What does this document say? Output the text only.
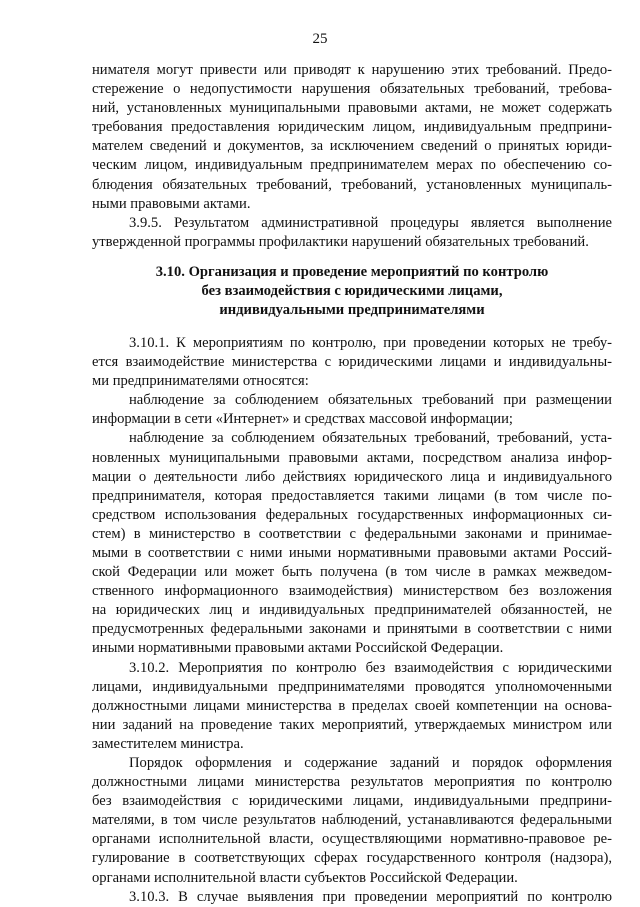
25
нимателя могут привести или приводят к нарушению этих требований. Предо-
стережение о недопустимости нарушения обязательных требований, требова-
ний, установленных муниципальными правовыми актами, не может содержать
требования предоставления юридическим лицом, индивидуальным предприни-
мателем сведений и документов, за исключением сведений о принятых юриди-
ческим лицом, индивидуальным предпринимателем мерах по обеспечению со-
блюдения обязательных требований, требований, установленных муниципаль-
ными правовыми актами.
3.9.5. Результатом административной процедуры является выполнение
утвержденной программы профилактики нарушений обязательных требований.
3.10. Организация и проведение мероприятий по контролю
без взаимодействия с юридическими лицами,
индивидуальными предпринимателями
3.10.1. К мероприятиям по контролю, при проведении которых не требу-
ется взаимодействие министерства с юридическими лицами и индивидуальны-
ми предпринимателями относятся:
наблюдение за соблюдением обязательных требований при размещении
информации в сети «Интернет» и средствах массовой информации;
наблюдение за соблюдением обязательных требований, требований, уста-
новленных муниципальными правовыми актами, посредством анализа инфор-
мации о деятельности либо действиях юридического лица и индивидуального
предпринимателя, которая предоставляется такими лицами (в том числе по-
средством использования федеральных государственных информационных си-
стем) в министерство в соответствии с федеральными законами и принимае-
мыми в соответствии с ними иными нормативными правовыми актами Россий-
ской Федерации или может быть получена (в том числе в рамках межведом-
ственного информационного взаимодействия) министерством без возложения
на юридических лиц и индивидуальных предпринимателей обязанностей, не
предусмотренных федеральными законами и принятыми в соответствии с ними
иными нормативными правовыми актами Российской Федерации.
3.10.2. Мероприятия по контролю без взаимодействия с юридическими
лицами, индивидуальными предпринимателями проводятся уполномоченными
должностными лицами министерства в пределах своей компетенции на основа-
нии заданий на проведение таких мероприятий, утверждаемых министром или
заместителем министра.
Порядок оформления и содержание заданий и порядок оформления
должностными лицами министерства результатов мероприятия по контролю
без взаимодействия с юридическими лицами, индивидуальными предприни-
мателями, в том числе результатов наблюдений, устанавливаются федеральными
органами исполнительной власти, осуществляющими нормативно-правовое ре-
гулирование в соответствующих сферах государственного контроля (надзора),
органами исполнительной власти субъектов Российской Федерации.
3.10.3. В случае выявления при проведении мероприятий по контролю
